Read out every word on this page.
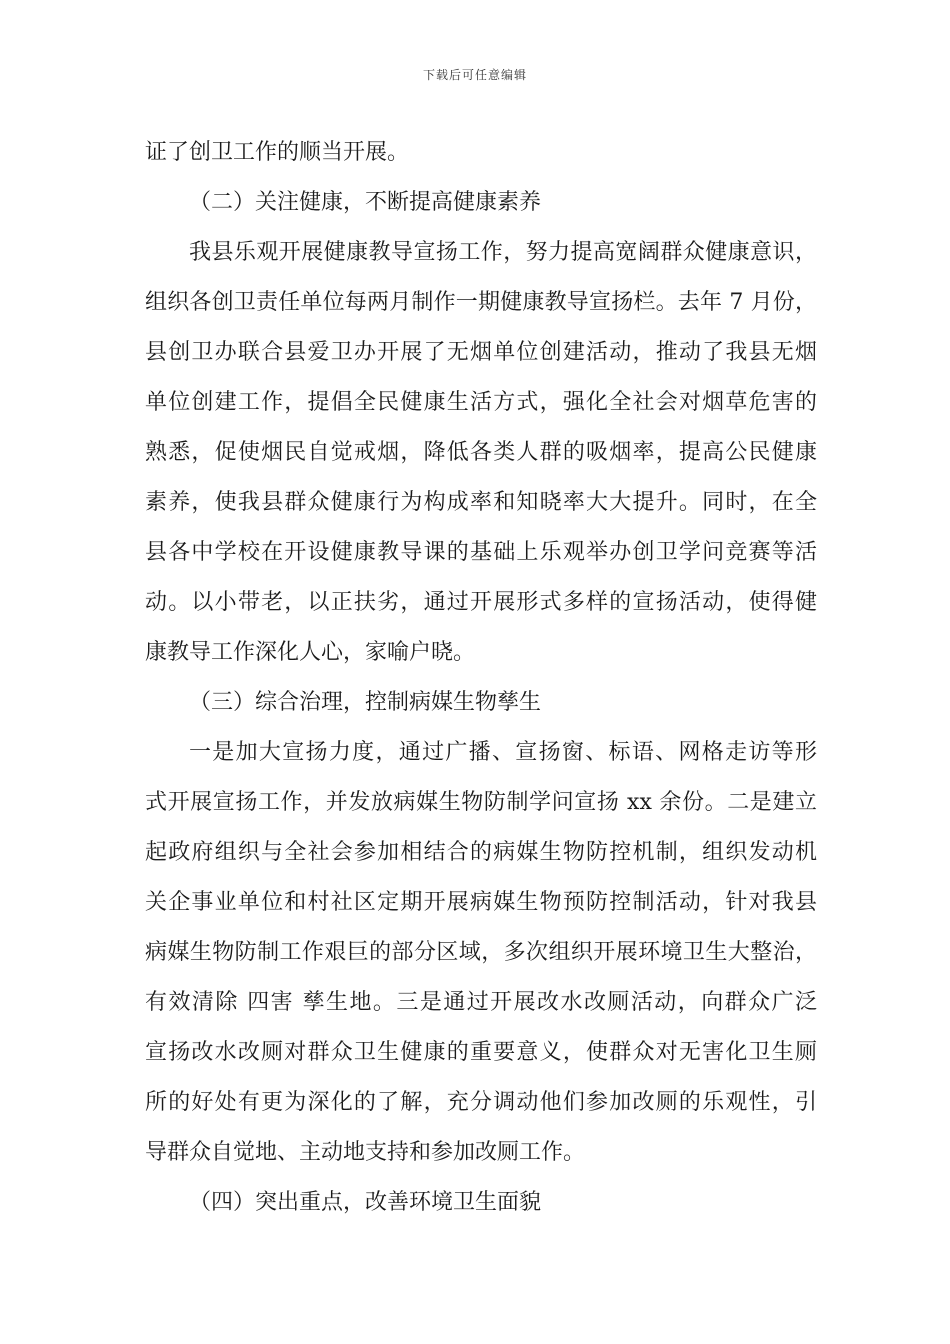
下载后可任意编辑
证了创卫工作的顺当开展。
（二）关注健康，不断提高健康素养
我县乐观开展健康教导宣扬工作，努力提高宽阔群众健康意识，
组织各创卫责任单位每两月制作一期健康教导宣扬栏。去年 7 月份，
县创卫办联合县爱卫办开展了无烟单位创建活动，推动了我县无烟
单位创建工作，提倡全民健康生活方式，强化全社会对烟草危害的
熟悉，促使烟民自觉戒烟，降低各类人群的吸烟率，提高公民健康
素养，使我县群众健康行为构成率和知晓率大大提升。同时，在全
县各中学校在开设健康教导课的基础上乐观举办创卫学问竞赛等活
动。以小带老，以正扶劣，通过开展形式多样的宣扬活动，使得健
康教导工作深化人心，家喻户晓。
（三）综合治理，控制病媒生物孳生
一是加大宣扬力度，通过广播、宣扬窗、标语、网格走访等形
式开展宣扬工作，并发放病媒生物防制学问宣扬 xx 余份。二是建立
起政府组织与全社会参加相结合的病媒生物防控机制，组织发动机
关企事业单位和村社区定期开展病媒生物预防控制活动，针对我县
病媒生物防制工作艰巨的部分区域，多次组织开展环境卫生大整治，
有效清除 四害 孳生地。三是通过开展改水改厕活动，向群众广泛
宣扬改水改厕对群众卫生健康的重要意义，使群众对无害化卫生厕
所的好处有更为深化的了解，充分调动他们参加改厕的乐观性，引
导群众自觉地、主动地支持和参加改厕工作。
（四）突出重点，改善环境卫生面貌
